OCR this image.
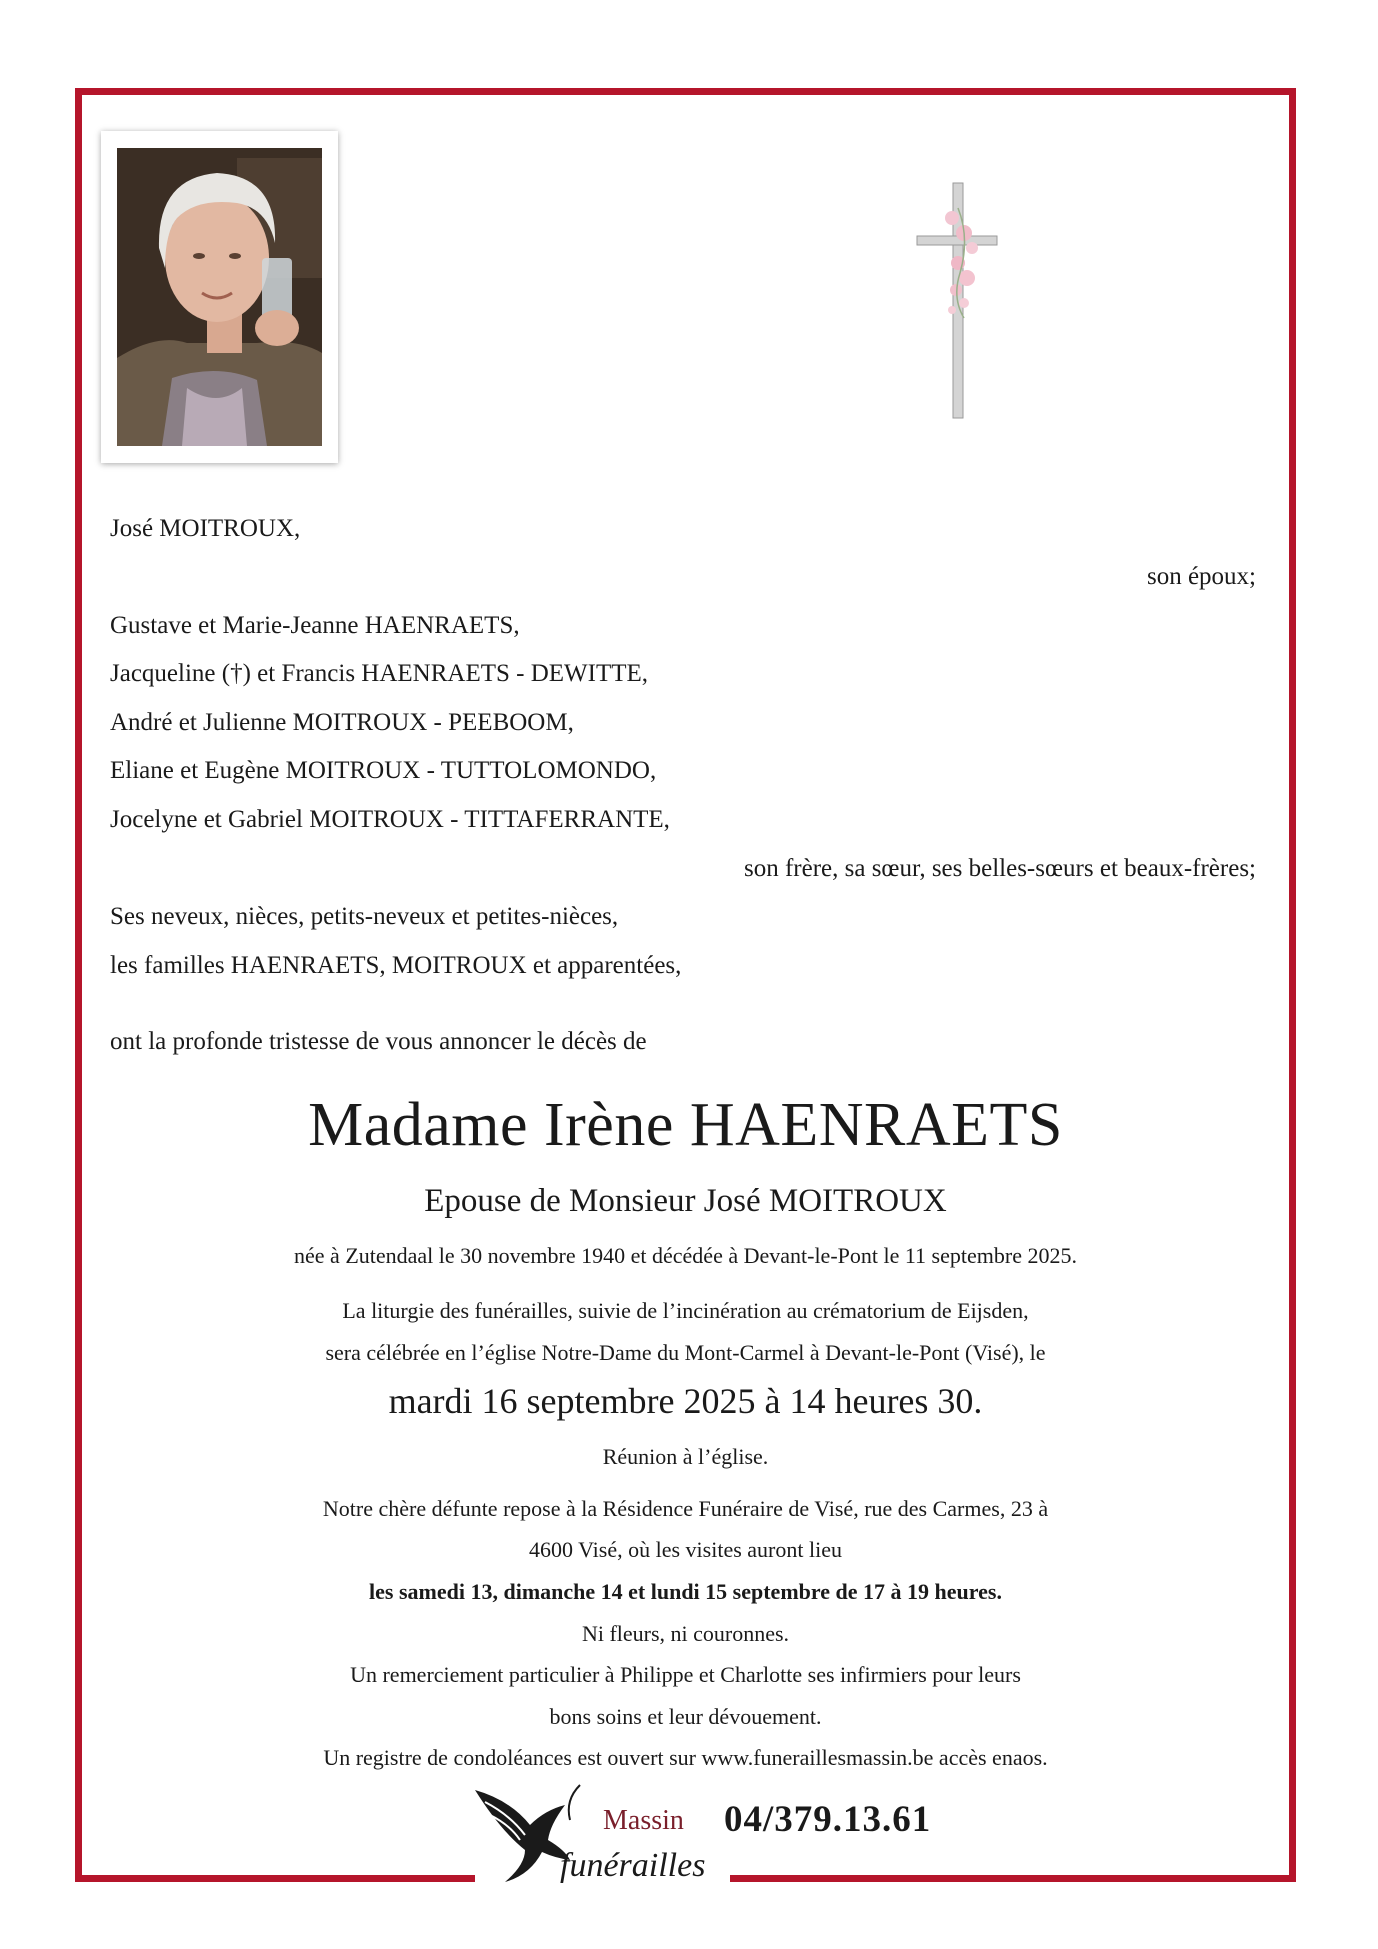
José MOITROUX,
son époux;
Gustave et Marie-Jeanne HAENRAETS,
Jacqueline (†) et Francis HAENRAETS - DEWITTE,
André et Julienne MOITROUX - PEEBOOM,
Eliane et Eugène MOITROUX - TUTTOLOMONDO,
Jocelyne et Gabriel MOITROUX - TITTAFERRANTE,
son frère, sa sœur, ses belles-sœurs et beaux-frères;
Ses neveux, nièces, petits-neveux et petites-nièces,
les familles HAENRAETS, MOITROUX et apparentées,
ont la profonde tristesse de vous annoncer le décès de
Madame Irène HAENRAETS
Epouse de Monsieur José MOITROUX
née à Zutendaal le 30 novembre 1940 et décédée à Devant-le-Pont le 11 septembre 2025.
La liturgie des funérailles, suivie de l’incinération au crématorium de Eijsden,
sera célébrée en l’église Notre-Dame du Mont-Carmel à Devant-le-Pont (Visé), le
mardi 16 septembre 2025 à 14 heures 30.
Réunion à l’église.
Notre chère défunte repose à la Résidence Funéraire de Visé, rue des Carmes, 23 à
4600 Visé, où les visites auront lieu
les samedi 13, dimanche 14 et lundi 15 septembre de 17 à 19 heures.
Ni fleurs, ni couronnes.
Un remerciement particulier à Philippe et Charlotte ses infirmiers pour leurs
bons soins et leur dévouement.
Un registre de condoléances est ouvert sur www.funeraillesmassin.be accès enaos.
Massin
funérailles
04/379.13.61
